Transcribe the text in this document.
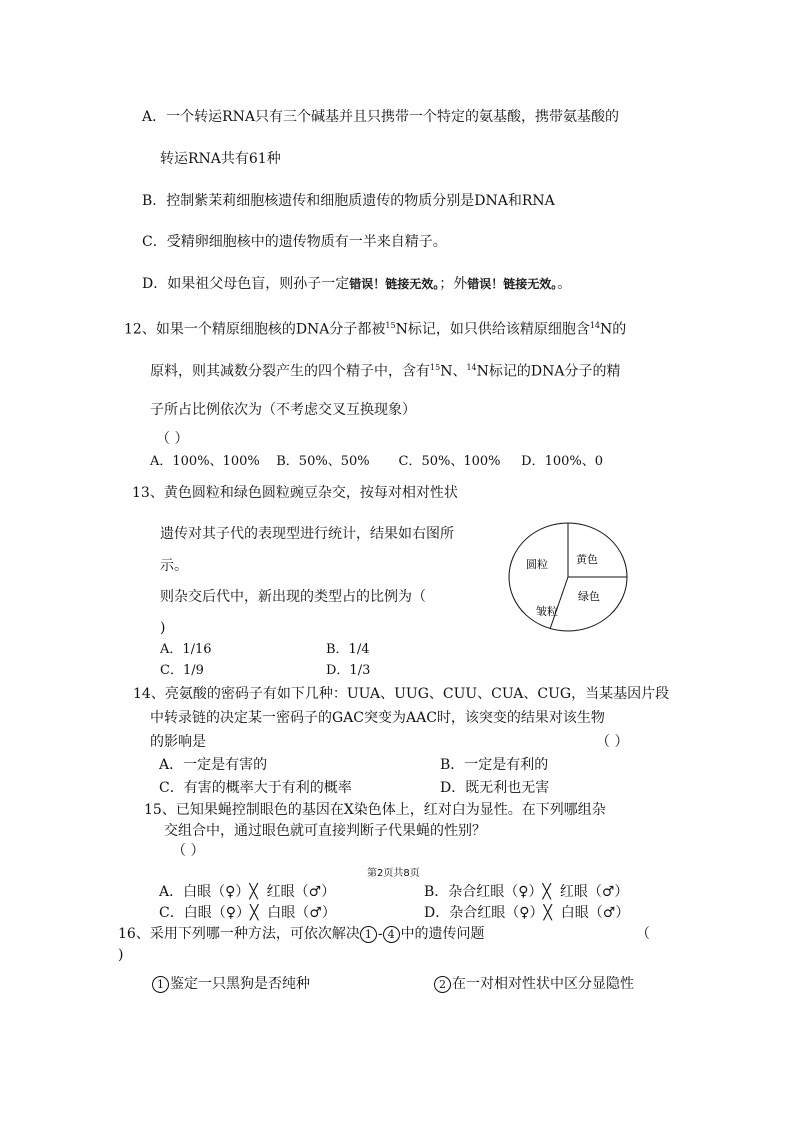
A．一个转运RNA只有三个碱基并且只携带一个特定的氨基酸，携带氨基酸的
转运RNA共有61种
B．控制紫茉莉细胞核遗传和细胞质遗传的物质分别是DNA和RNA
C．受精卵细胞核中的遗传物质有一半来自精子。
D．如果祖父母色盲，则孙子一定错误！链接无效。；外错误！链接无效。。
12、如果一个精原细胞核的DNA分子都被$^{15}$N标记，如只供给该精原细胞含$^{14}$N的
原料，则其减数分裂产生的四个精子中，含有$^{15}$N、$^{14}$N标记的DNA分子的精
子所占比例依次为（不考虑交叉互换现象）
（ ）
A．100%、100%    B．50%、50%       C．50%、100%     D．100%、0
13、黄色圆粒和绿色圆粒豌豆杂交，按每对相对性状
遗传对其子代的表现型进行统计，结果如右图所
示。
则杂交后代中，新出现的类型占的比例为（
)
A．1/16	B．1/4
C．1/9	D．1/3
圆粒	黄色
绿色
皱粒
14、亮氨酸的密码子有如下几种：UUA、UUG、CUU、CUA、CUG，当某基因片段
中转录链的决定某一密码子的GAC突变为AAC时，该突变的结果对该生物
的影响是	（ ）
A．一定是有害的	B．一定是有利的
C．有害的概率大于有利的概率	D．既无利也无害
15、已知果蝇控制眼色的基因在X染色体上，红对白为显性。在下列哪组杂
交组合中，通过眼色就可直接判断子代果蝇的性别？
（ ）
第2页共8页
A．白眼（♀）╳  红眼（♂）	B．杂合红眼（♀）╳  红眼（♂）
C．白眼（♀）╳  白眼（♂）	D．杂合红眼（♀）╳  白眼（♂）
16、采用下列哪一种方法，可依次解决 1 - 4 中的遗传问题	（
)
1 鉴定一只黑狗是否纯种	2 在一对相对性状中区分显隐性
